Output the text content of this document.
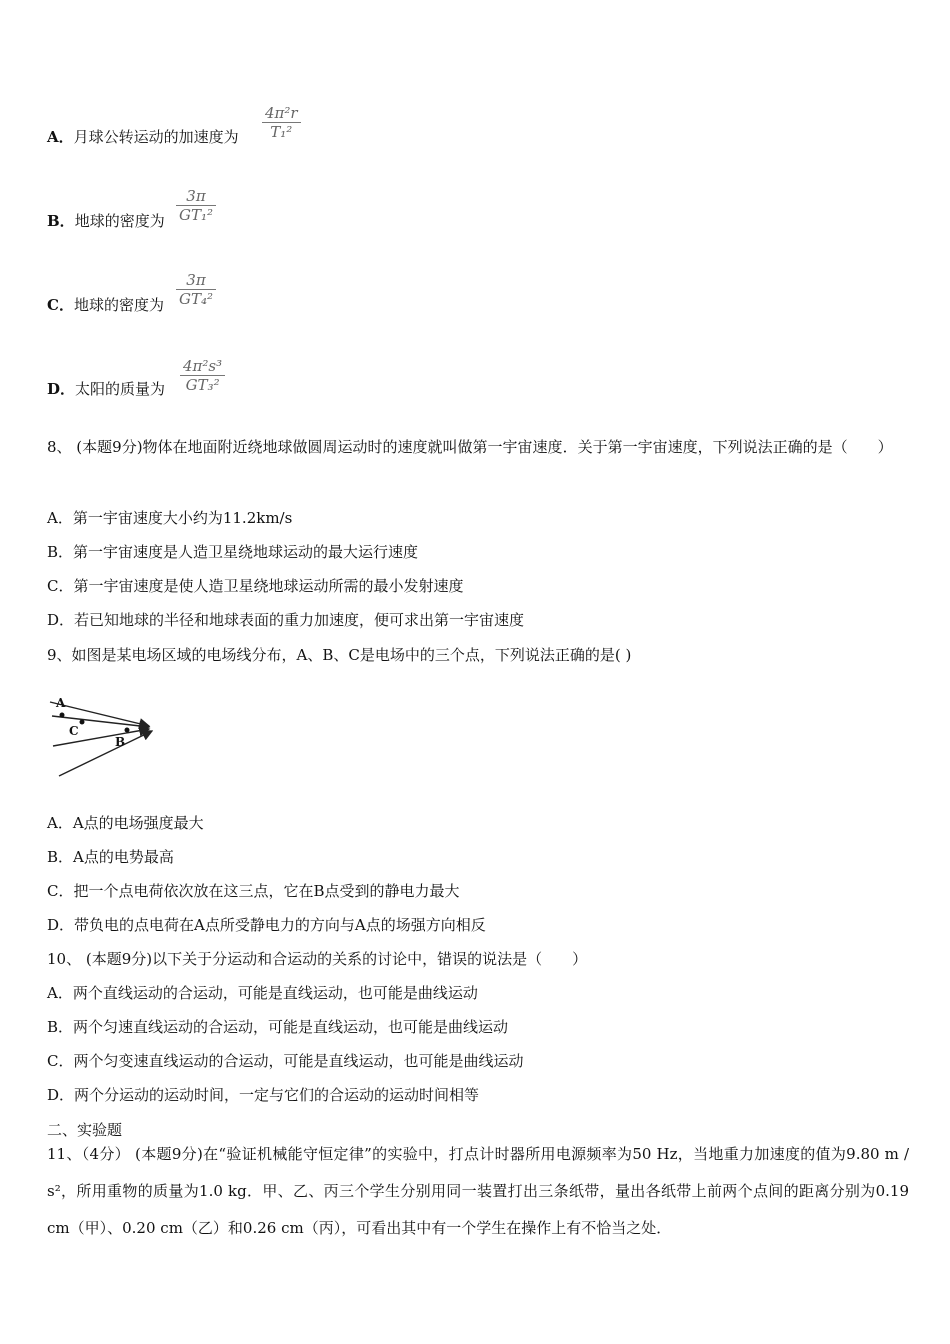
A．月球公转运动的加速度为
4π²r
T₁²
B．地球的密度为
3π
GT₁²
C．地球的密度为
3π
GT₄²
D．太阳的质量为
4π²s³
GT₃²
8、 (本题9分)物体在地面附近绕地球做圆周运动时的速度就叫做第一宇宙速度．关于第一宇宙速度，下列说法正确的是（　　）
A．第一宇宙速度大小约为11.2km/s
B．第一宇宙速度是人造卫星绕地球运动的最大运行速度
C．第一宇宙速度是使人造卫星绕地球运动所需的最小发射速度
D．若已知地球的半径和地球表面的重力加速度，便可求出第一宇宙速度
9、如图是某电场区域的电场线分布，A、B、C是电场中的三个点，下列说法正确的是( )
A
C
B
A．A点的电场强度最大
B．A点的电势最高
C．把一个点电荷依次放在这三点，它在B点受到的静电力最大
D．带负电的点电荷在A点所受静电力的方向与A点的场强方向相反
10、 (本题9分)以下关于分运动和合运动的关系的讨论中，错误的说法是（　　）
A．两个直线运动的合运动，可能是直线运动，也可能是曲线运动
B．两个匀速直线运动的合运动，可能是直线运动，也可能是曲线运动
C．两个匀变速直线运动的合运动，可能是直线运动，也可能是曲线运动
D．两个分运动的运动时间，一定与它们的合运动的运动时间相等
二、实验题
11、（4分） (本题9分)在“验证机械能守恒定律”的实验中，打点计时器所用电源频率为50 Hz，当地重力加速度的值为9.80 m / s²，所用重物的质量为1.0 kg．甲、乙、丙三个学生分别用同一装置打出三条纸带，量出各纸带上前两个点间的距离分别为0.19 cm（甲）、0.20 cm（乙）和0.26 cm（丙），可看出其中有一个学生在操作上有不恰当之处．
